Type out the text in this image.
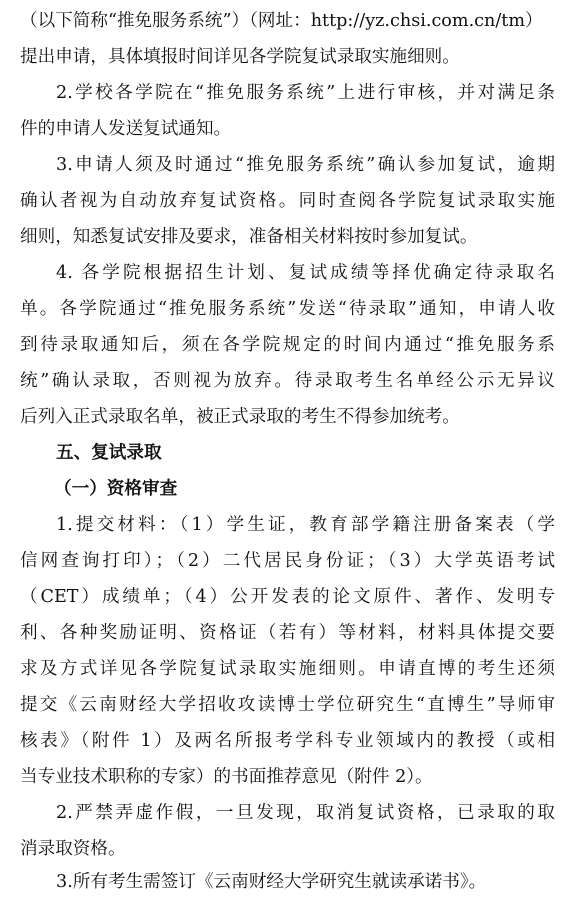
（以下简称“推免服务系统”）（网址：http://yz.chsi.com.cn/tm）
提出申请，具体填报时间详见各学院复试录取实施细则。
2.学校各学院在“推免服务系统”上进行审核，并对满足条
件的申请人发送复试通知。
3.申请人须及时通过“推免服务系统”确认参加复试，逾期
确认者视为自动放弃复试资格。同时查阅各学院复试录取实施
细则，知悉复试安排及要求，准备相关材料按时参加复试。
4. 各学院根据招生计划、复试成绩等择优确定待录取名
单。各学院通过“推免服务系统”发送“待录取”通知，申请人收
到待录取通知后，须在各学院规定的时间内通过“推免服务系
统”确认录取，否则视为放弃。待录取考生名单经公示无异议
后列入正式录取名单，被正式录取的考生不得参加统考。
五、复试录取
（一）资格审查
1.提交材料：（1）学生证，教育部学籍注册备案表（学
信网查询打印）；（2）二代居民身份证；（3）大学英语考试
（CET）成绩单；（4）公开发表的论文原件、著作、发明专
利、各种奖励证明、资格证（若有）等材料，材料具体提交要
求及方式详见各学院复试录取实施细则。申请直博的考生还须
提交《云南财经大学招收攻读博士学位研究生“直博生”导师审
核表》（附件 1）及两名所报考学科专业领域内的教授（或相
当专业技术职称的专家）的书面推荐意见（附件 2）。
2.严禁弄虚作假，一旦发现，取消复试资格，已录取的取
消录取资格。
3.所有考生需签订《云南财经大学研究生就读承诺书》。
